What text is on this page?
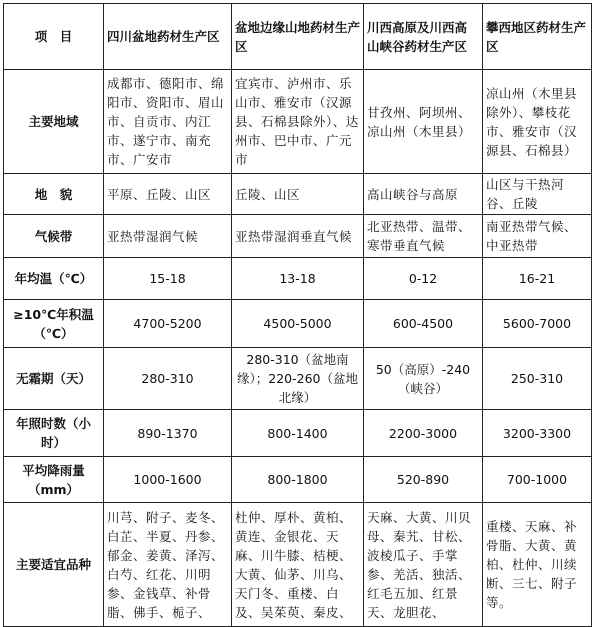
项　目	四川盆地药材生产区	盆地边缘山地药材生产区	川西高原及川西高山峡谷药材生产区	攀西地区药材生产区
主要地域	成都市、德阳市、绵阳市、资阳市、眉山市、自贡市、内江市、遂宁市、南充市、广安市	宜宾市、泸州市、乐山市、雅安市（汉源县、石棉县除外）、达州市、巴中市、广元市	甘孜州、阿坝州、凉山州（木里县）	凉山州（木里县除外）、攀枝花市、雅安市（汉源县、石棉县）
地　貌	平原、丘陵、山区	丘陵、山区	高山峡谷与高原	山区与干热河谷、丘陵
气候带	亚热带湿润气候	亚热带湿润垂直气候	北亚热带、温带、寒带垂直气候	南亚热带气候、中亚热带
年均温（℃）	15-18	13-18	0-12	16-21
≥10℃年积温（℃）	4700-5200	4500-5000	600-4500	5600-7000
无霜期（天）	280-310	280-310（盆地南缘）；220-260（盆地北缘）	50（高原）-240（峡谷）	250-310
年照时数（小时）	890-1370	800-1400	2200-3000	3200-3300
平均降雨量（mm）	1000-1600	800-1800	520-890	700-1000
主要适宜品种	川芎、附子、麦冬、白芷、半夏、丹参、郁金、姜黄、泽泻、白芍、红花、川明参、金钱草、补骨脂、佛手、栀子、	杜仲、厚朴、黄柏、黄连、金银花、天麻、川牛膝、桔梗、大黄、仙茅、川乌、天门冬、重楼、白及、吴茱萸、秦皮、	天麻、大黄、川贝母、秦艽、甘松、波棱瓜子、手掌参、羌活、独活、红毛五加、红景天、龙胆花、	重楼、天麻、补骨脂、大黄、黄柏、杜仲、川续断、三七、附子等。
